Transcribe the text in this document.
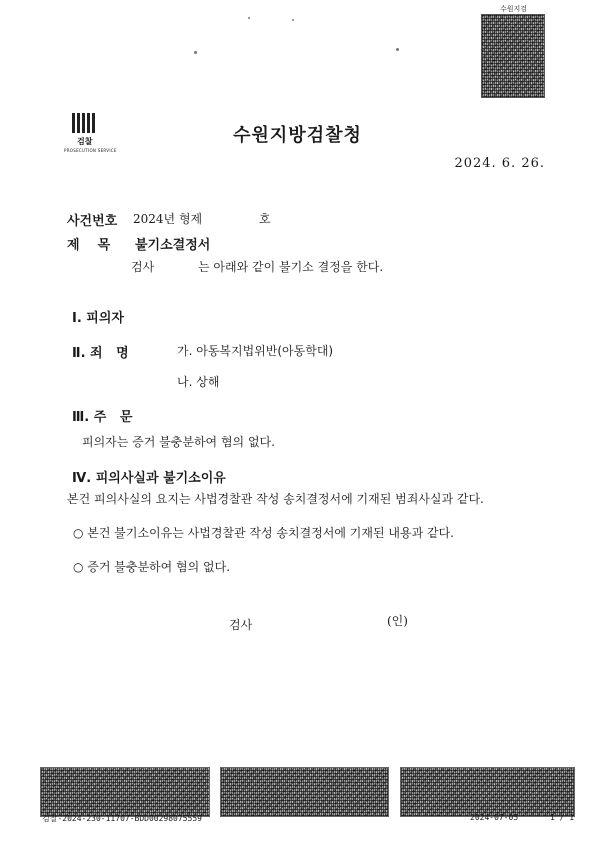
수원지검
검찰
PROSECUTION SERVICE
수원지방검찰청
2024. 6. 26.
사건번호 2024년 형제	호
제    목 불기소결정서
검사	는 아래와 같이 불기소 결정을 한다.
Ⅰ. 피의자
Ⅱ. 죄   명	가. 아동복지법위반(아동학대)
나. 상해
Ⅲ. 주   문
피의자는 증거 불충분하여 혐의 없다.
Ⅳ. 피의사실과 불기소이유
본건 피의사실의 요지는 사법경찰관 작성 송치결정서에 기재된 범죄사실과 같다.
○ 본건 불기소이유는 사법경찰관 작성 송치결정서에 기재된 내용과 같다.
○ 증거 불충분하여 혐의 없다.
검사	(인)
검찰-2024-230-11707-BDD00298075559	2024-07-05	1 / 1
